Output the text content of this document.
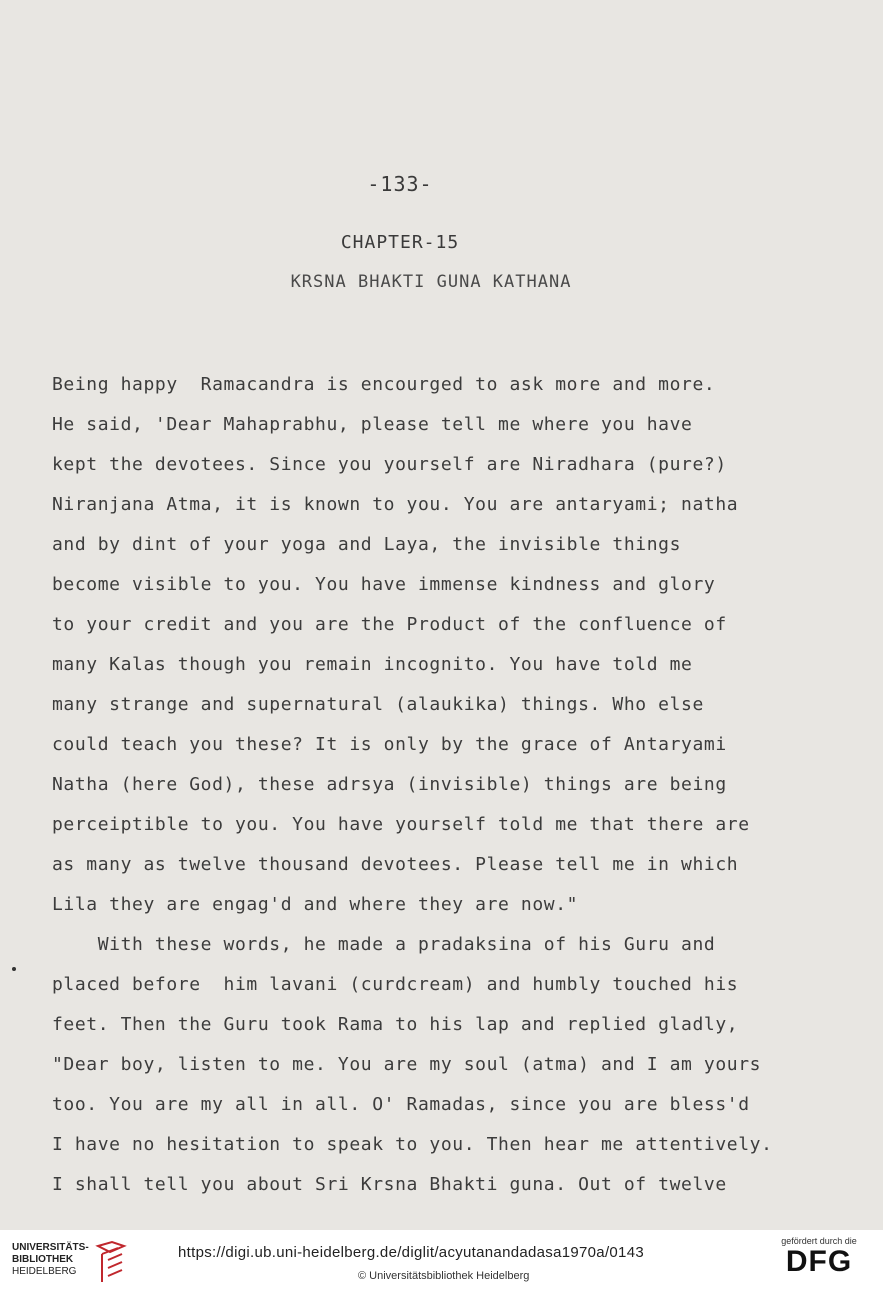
-133-
CHAPTER-15
KRSNA BHAKTI GUNA KATHANA
Being happy  Ramacandra is encourged to ask more and more.
He said, 'Dear Mahaprabhu, please tell me where you have
kept the devotees. Since you yourself are Niradhara (pure?)
Niranjana Atma, it is known to you. You are antaryami; natha
and by dint of your yoga and Laya, the invisible things
become visible to you. You have immense kindness and glory
to your credit and you are the Product of the confluence of
many Kalas though you remain incognito. You have told me
many strange and supernatural (alaukika) things. Who else
could teach you these? It is only by the grace of Antaryami
Natha (here God), these adrsya (invisible) things are being
perceiptible to you. You have yourself told me that there are
as many as twelve thousand devotees. Please tell me in which
Lila they are engag'd and where they are now."
With these words, he made a pradaksina of his Guru and
placed before  him lavani (curdcream) and humbly touched his
feet. Then the Guru took Rama to his lap and replied gladly,
"Dear boy, listen to me. You are my soul (atma) and I am yours
too. You are my all in all. O' Ramadas, since you are bless'd
I have no hesitation to speak to you. Then hear me attentively.
I shall tell you about Sri Krsna Bhakti guna. Out of twelve
UNIVERSITÄTS-
BIBLIOTHEK
HEIDELBERG
https://digi.ub.uni-heidelberg.de/diglit/acyutanandadasa1970a/0143
© Universitätsbibliothek Heidelberg
gefördert durch die
DFG
